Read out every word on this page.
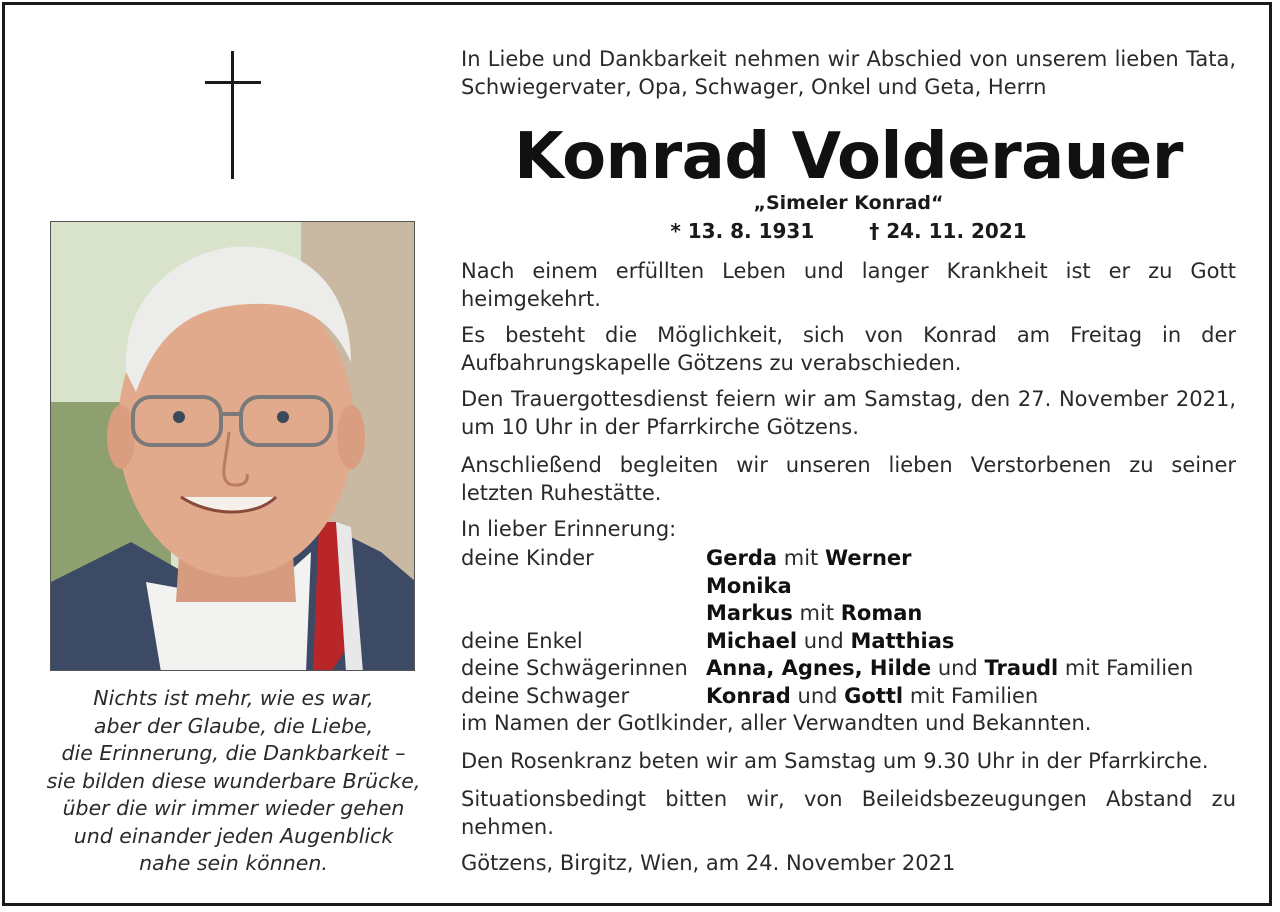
Nichts ist mehr, wie es war,
aber der Glaube, die Liebe,
die Erinnerung, die Dankbarkeit –
sie bilden diese wunderbare Brücke,
über die wir immer wieder gehen
und einander jeden Augenblick
nahe sein können.
In Liebe und Dankbarkeit nehmen wir Abschied von unserem lieben Tata, Schwiegervater, Opa, Schwager, Onkel und Geta, Herrn
Konrad Volderauer
„Simeler Konrad“
* 13. 8. 1931	† 24. 11. 2021
Nach einem erfüllten Leben und langer Krankheit ist er zu Gott heimgekehrt.
Es besteht die Möglichkeit, sich von Konrad am Freitag in der Aufbahrungskapelle Götzens zu verabschieden.
Den Trauergottesdienst feiern wir am Samstag, den 27. November 2021, um 10 Uhr in der Pfarrkirche Götzens.
Anschließend begleiten wir unseren lieben Verstorbenen zu seiner letzten Ruhestätte.
In lieber Erinnerung:
deine Kinder	Gerda mit Werner
Monika
Markus mit Roman
deine Enkel	Michael und Matthias
deine Schwägerinnen Anna, Agnes, Hilde und Traudl mit Familien
deine Schwager	Konrad und Gottl mit Familien
im Namen der Gotlkinder, aller Verwandten und Bekannten.
Den Rosenkranz beten wir am Samstag um 9.30 Uhr in der Pfarrkirche.
Situationsbedingt bitten wir, von Beileidsbezeugungen Abstand zu nehmen.
Götzens, Birgitz, Wien, am 24. November 2021
